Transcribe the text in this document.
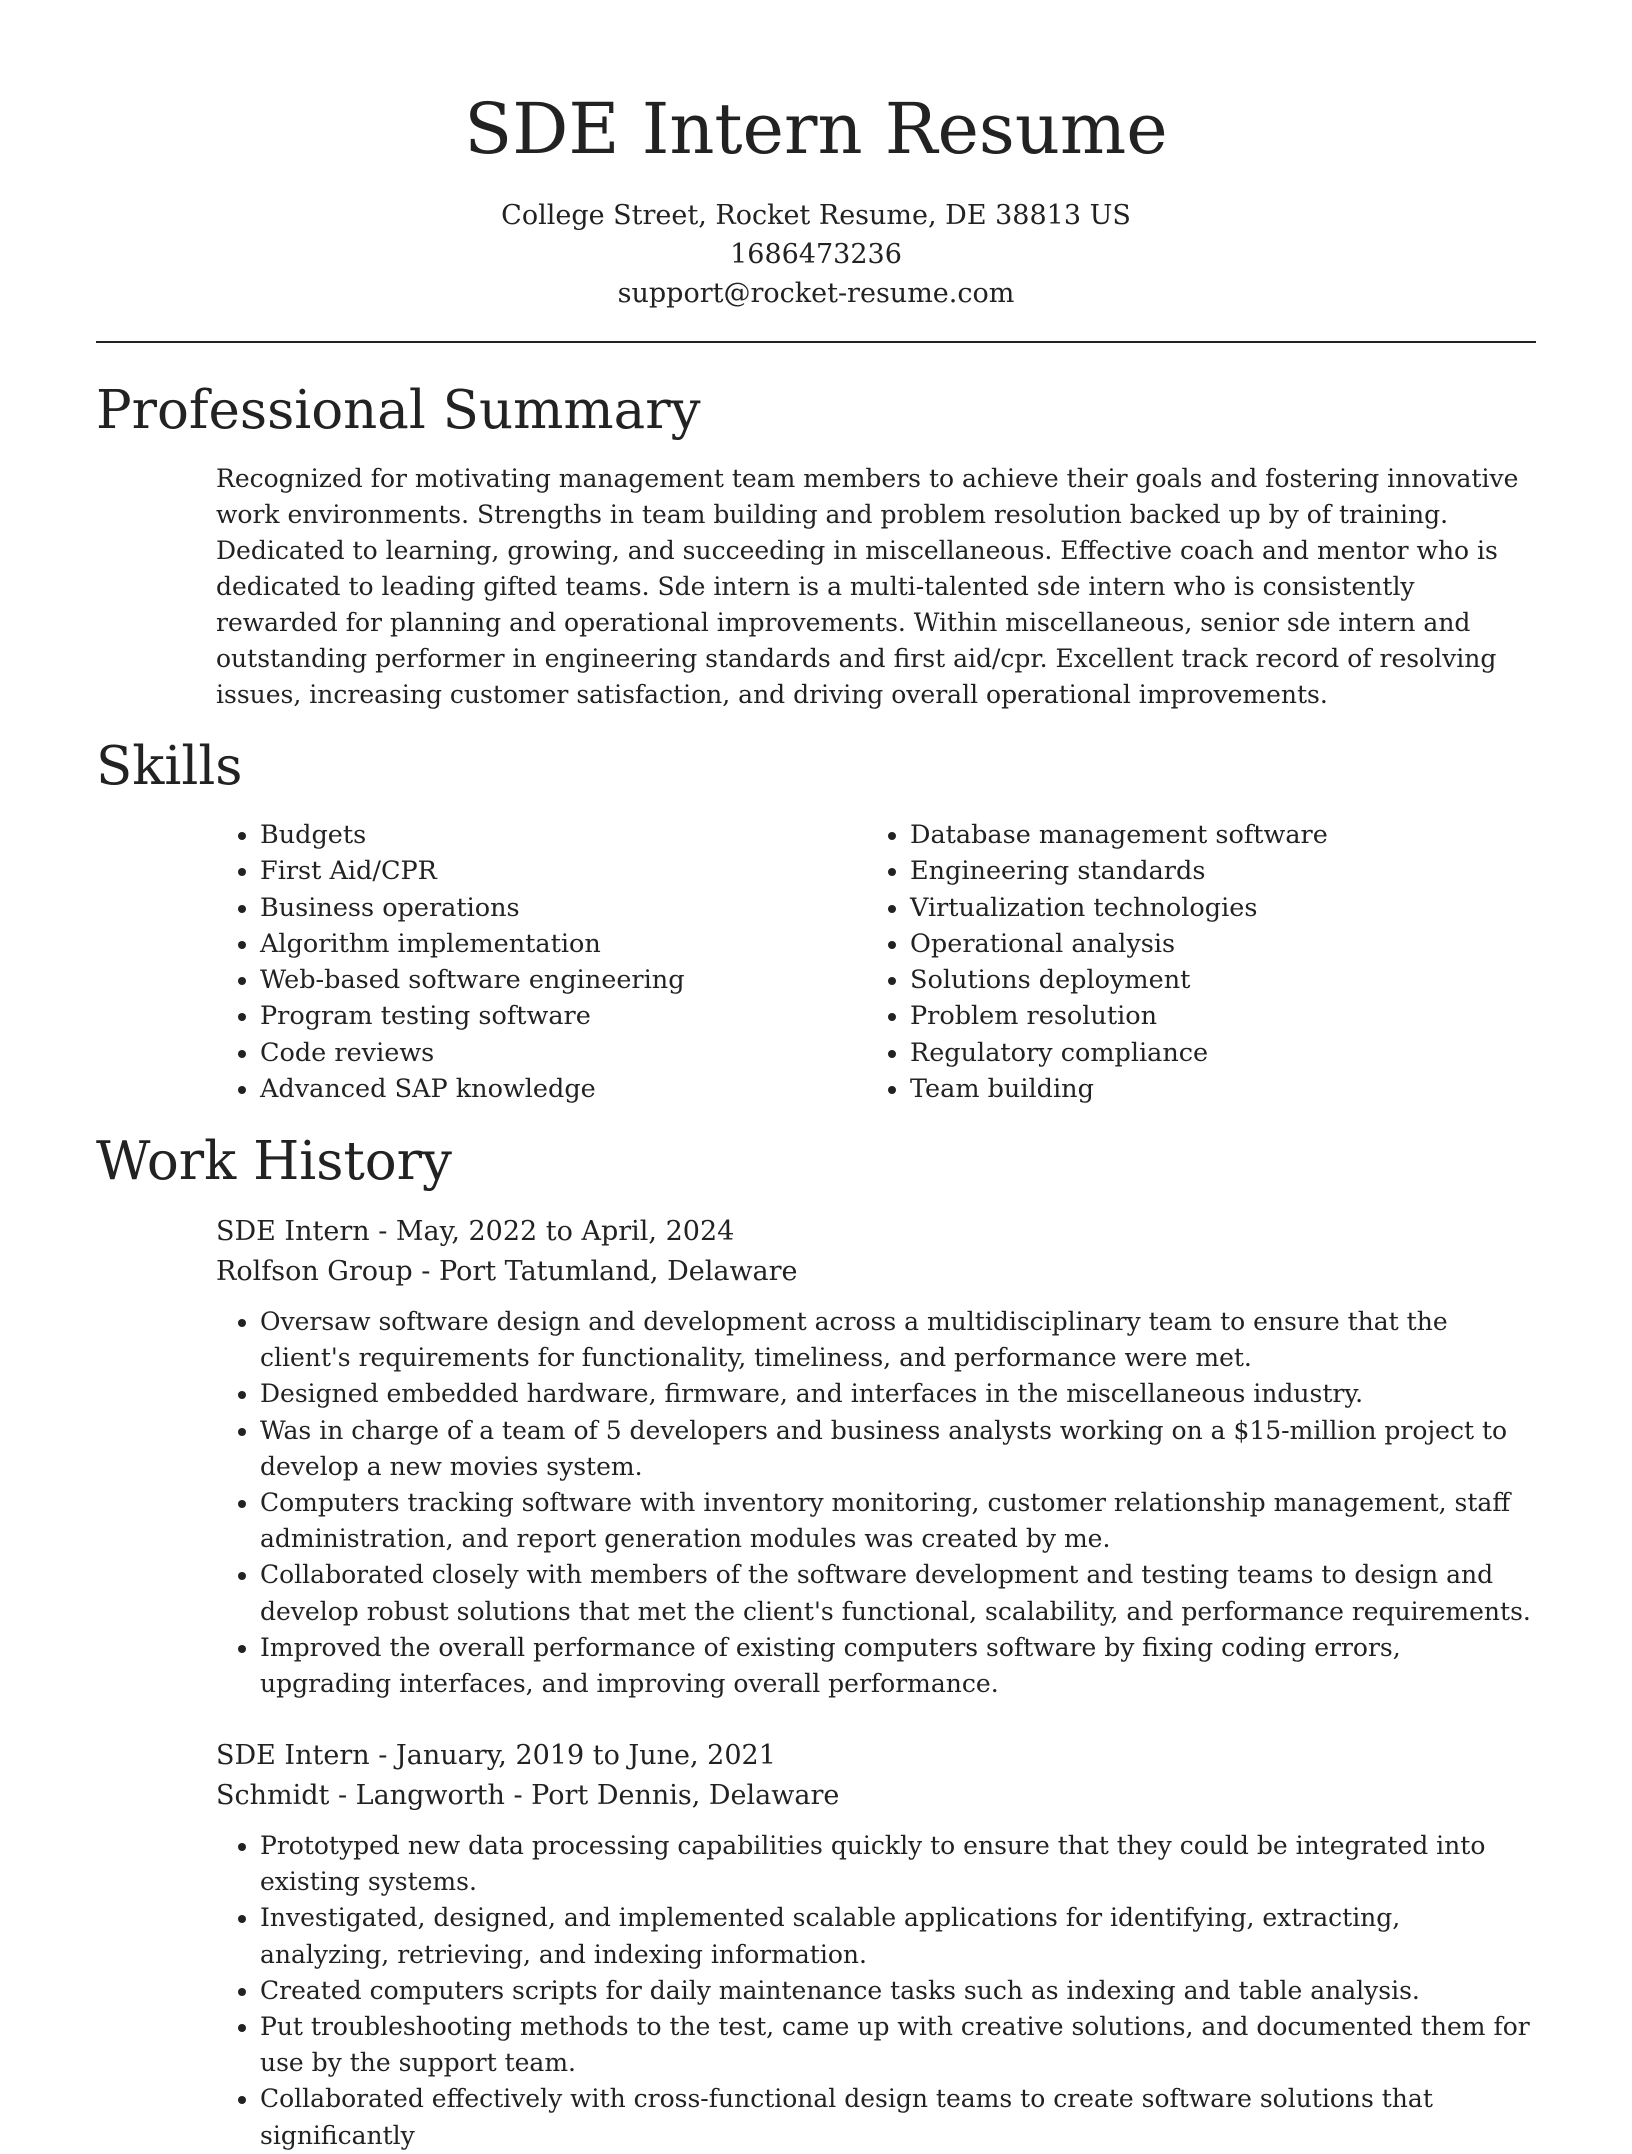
SDE Intern Resume
College Street, Rocket Resume, DE 38813 US
1686473236
support@rocket-resume.com
Professional Summary

Recognized for motivating management team members to achieve their goals and fostering innovative work environments. Strengths in team building and problem resolution backed up by of training. Dedicated to learning, growing, and succeeding in miscellaneous. Effective coach and mentor who is dedicated to leading gifted teams. Sde intern is a multi-talented sde intern who is consistently rewarded for planning and operational improvements. Within miscellaneous, senior sde intern and outstanding performer in engineering standards and first aid/cpr. Excellent track record of resolving issues, increasing customer satisfaction, and driving overall operational improvements.

Skills
• Budgets
• First Aid/CPR
• Business operations
• Algorithm implementation
• Web-based software engineering
• Program testing software
• Code reviews
• Advanced SAP knowledge
• Database management software
• Engineering standards
• Virtualization technologies
• Operational analysis
• Solutions deployment
• Problem resolution
• Regulatory compliance
• Team building
Work History
SDE Intern - May, 2022 to April, 2024
Rolfson Group - Port Tatumland, Delaware
• Oversaw software design and development across a multidisciplinary team to ensure that the client's requirements for functionality, timeliness, and performance were met.
• Designed embedded hardware, firmware, and interfaces in the miscellaneous industry.
• Was in charge of a team of 5 developers and business analysts working on a $15-million project to develop a new movies system.
• Computers tracking software with inventory monitoring, customer relationship management, staff administration, and report generation modules was created by me.
• Collaborated closely with members of the software development and testing teams to design and develop robust solutions that met the client's functional, scalability, and performance requirements.
• Improved the overall performance of existing computers software by fixing coding errors, upgrading interfaces, and improving overall performance.
SDE Intern - January, 2019 to June, 2021
Schmidt - Langworth - Port Dennis, Delaware
• Prototyped new data processing capabilities quickly to ensure that they could be integrated into existing systems.
• Investigated, designed, and implemented scalable applications for identifying, extracting, analyzing, retrieving, and indexing information.
• Created computers scripts for daily maintenance tasks such as indexing and table analysis.
• Put troubleshooting methods to the test, came up with creative solutions, and documented them for use by the support team.
• Collaborated effectively with cross-functional design teams to create software solutions that significantly
